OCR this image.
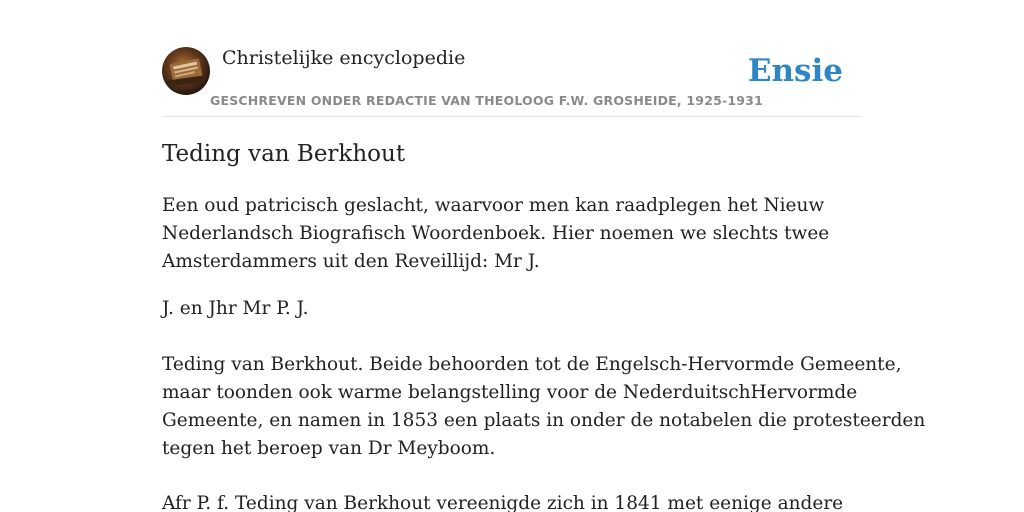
Christelijke encyclopedie
GESCHREVEN ONDER REDACTIE VAN THEOLOOG F.W. GROSHEIDE, 1925-1931
Ensie
Teding van Berkhout

Een oud patricisch geslacht, waarvoor men kan raadplegen het Nieuw

Nederlandsch Biografisch Woordenboek. Hier noemen we slechts twee

Amsterdammers uit den Reveillijd: Mr J.

J. en Jhr Mr P. J.

Teding van Berkhout. Beide behoorden tot de Engelsch-Hervormde Gemeente,

maar toonden ook warme belangstelling voor de NederduitschHervormde

Gemeente, en namen in 1853 een plaats in onder de notabelen die protesteerden

tegen het beroep van Dr Meyboom.

Afr P. f. Teding van Berkhout vereenigde zich in 1841 met eenige andere
